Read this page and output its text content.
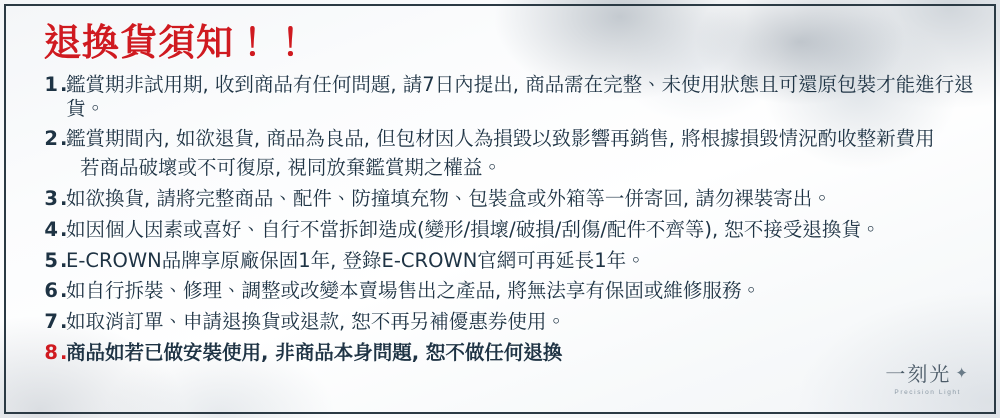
退換貨須知！！
1 .
鑑賞期非試用期, 收到商品有任何問題, 請7日內提出, 商品需在完整、未使用狀態且可還原包裝才能進行退貨。
2 .
鑑賞期間內, 如欲退貨, 商品為良品, 但包材因人為損毀以致影響再銷售, 將根據損毀情況酌收整新費用
若商品破壞或不可復原, 視同放棄鑑賞期之權益。
3 .
如欲換貨, 請將完整商品、配件、防撞填充物、包裝盒或外箱等一併寄回, 請勿裸裝寄出。
4 .
如因個人因素或喜好、自行不當拆卸造成(變形/損壞/破損/刮傷/配件不齊等), 恕不接受退換貨。
5 .
E-CROWN品牌享原廠保固1年, 登錄E-CROWN官網可再延長1年。
6 .
如自行拆裝、修理、調整或改變本賣場售出之產品, 將無法享有保固或維修服務。
7 .
如取消訂單、申請退換貨或退款, 恕不再另補優惠券使用。
8 .
商品如若已做安裝使用, 非商品本身問題, 恕不做任何退換
一刻光 ✦
Precision Light
